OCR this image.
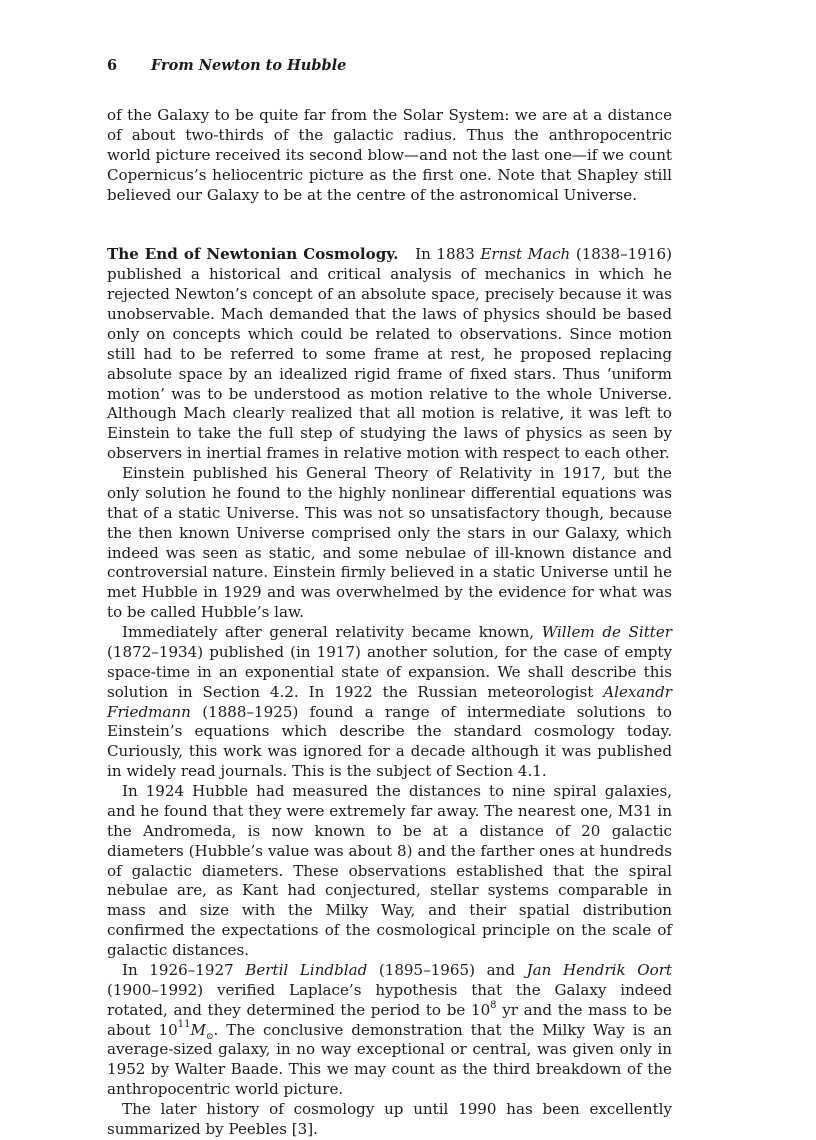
6 From Newton to Hubble

of the Galaxy to be quite far from the Solar System: we are at a distance of about two-thirds of the galactic radius. Thus the anthropocentric world picture received its second blow—and not the last one—if we count Copernicus’s heliocentric picture as the first one. Note that Shapley still believed our Galaxy to be at the centre of the astronomical Universe.

The End of Newtonian Cosmology. In 1883 Ernst Mach (1838–1916) published a historical and critical analysis of mechanics in which he rejected Newton’s concept of an absolute space, precisely because it was unobservable. Mach demanded that the laws of physics should be based only on concepts which could be related to observations. Since motion still had to be referred to some frame at rest, he proposed replacing absolute space by an idealized rigid frame of fixed stars. Thus ‘uniform motion’ was to be understood as motion relative to the whole Universe. Although Mach clearly realized that all motion is relative, it was left to Einstein to take the full step of studying the laws of physics as seen by observers in inertial frames in relative motion with respect to each other.

Einstein published his General Theory of Relativity in 1917, but the only solution he found to the highly nonlinear differential equations was that of a static Universe. This was not so unsatisfactory though, because the then known Universe comprised only the stars in our Galaxy, which indeed was seen as static, and some nebulae of ill-known distance and controversial nature. Einstein firmly believed in a static Universe until he met Hubble in 1929 and was overwhelmed by the evidence for what was to be called Hubble’s law.

Immediately after general relativity became known, Willem de Sitter (1872–1934) published (in 1917) another solution, for the case of empty space-time in an exponential state of expansion. We shall describe this solution in Section 4.2. In 1922 the Russian meteorologist Alexandr Friedmann (1888–1925) found a range of intermediate solutions to Einstein’s equations which describe the standard cosmology today. Curiously, this work was ignored for a decade although it was published in widely read journals. This is the subject of Section 4.1.

In 1924 Hubble had measured the distances to nine spiral galaxies, and he found that they were extremely far away. The nearest one, M31 in the Andromeda, is now known to be at a distance of 20 galactic diameters (Hubble’s value was about 8) and the farther ones at hundreds of galactic diameters. These observations established that the spiral nebulae are, as Kant had conjectured, stellar systems comparable in mass and size with the Milky Way, and their spatial distribution confirmed the expectations of the cosmological principle on the scale of galactic distances.

In 1926–1927 Bertil Lindblad (1895–1965) and Jan Hendrik Oort (1900–1992) verified Laplace’s hypothesis that the Galaxy indeed rotated, and they determined the period to be $10^8$ yr and the mass to be about $10^{11}M_⊙$. The conclusive demonstration that the Milky Way is an average-sized galaxy, in no way exceptional or central, was given only in 1952 by Walter Baade. This we may count as the third breakdown of the anthropocentric world picture.

The later history of cosmology up until 1990 has been excellently summarized by Peebles [3].
